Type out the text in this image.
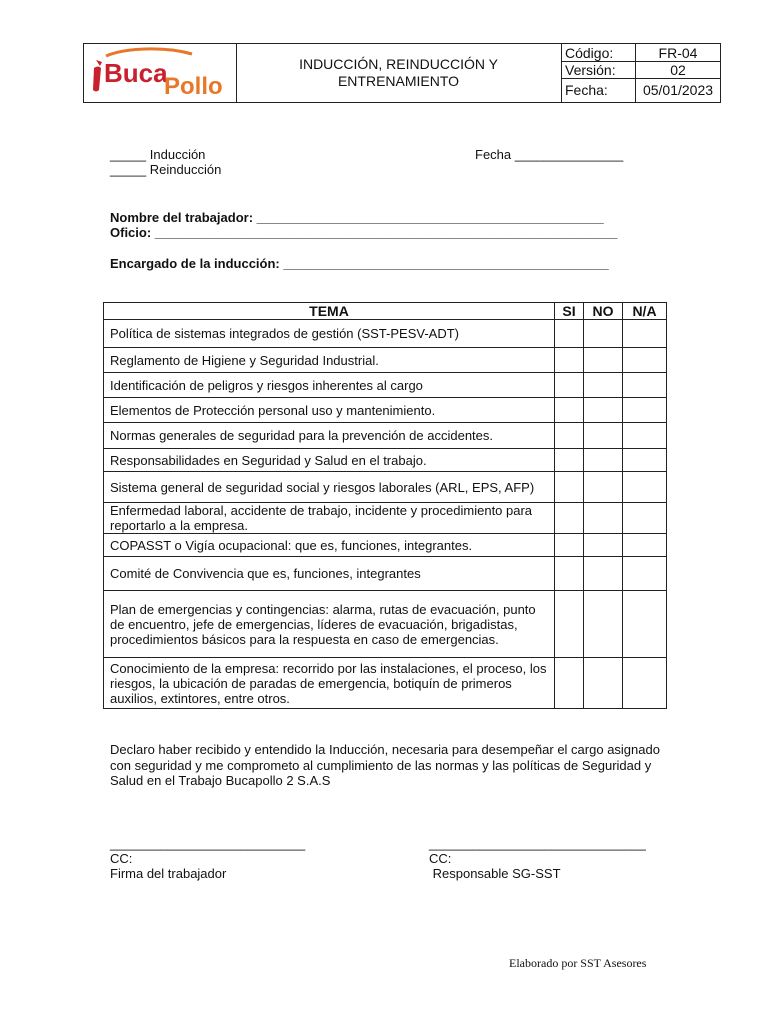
Buca
Pollo
INDUCCIÓN, REINDUCCIÓN Y
ENTRENAMIENTO
Código:	FR-04
Versión:	02
Fecha:	05/01/2023
_____ Inducción
_____ Reinducción
Fecha _______________
Nombre del trabajador: ________________________________________________
Oficio: ________________________________________________________________
Encargado de la inducción: _____________________________________________
TEMA	SI	NO	N/A
Política de sistemas integrados de gestión (SST-PESV-ADT)			
Reglamento de Higiene y Seguridad Industrial.			
Identificación de peligros y riesgos inherentes al cargo			
Elementos de Protección personal uso y mantenimiento.			
Normas generales de seguridad para la prevención de accidentes.			
Responsabilidades en Seguridad y Salud en el trabajo.			
Sistema general de seguridad social y riesgos laborales (ARL, EPS, AFP)			
Enfermedad laboral, accidente de trabajo, incidente y procedimiento para reportarlo a la empresa.			
COPASST o Vigía ocupacional: que es, funciones, integrantes.			
Comité de Convivencia que es, funciones, integrantes			
Plan de emergencias y contingencias: alarma, rutas de evacuación, punto de encuentro, jefe de emergencias, líderes de evacuación, brigadistas, procedimientos básicos para la respuesta en caso de emergencias.			
Conocimiento de la empresa: recorrido por las instalaciones, el proceso, los riesgos, la ubicación de paradas de emergencia, botiquín de primeros auxilios, extintores, entre otros.			
Declaro haber recibido y entendido la Inducción, necesaria para desempeñar el cargo asignado con seguridad y me comprometo al cumplimiento de las normas y las políticas de Seguridad y Salud en el Trabajo Bucapollo 2 S.A.S
___________________________
CC:
Firma del trabajador
______________________________
CC:
Responsable SG-SST
Elaborado por SST Asesores
